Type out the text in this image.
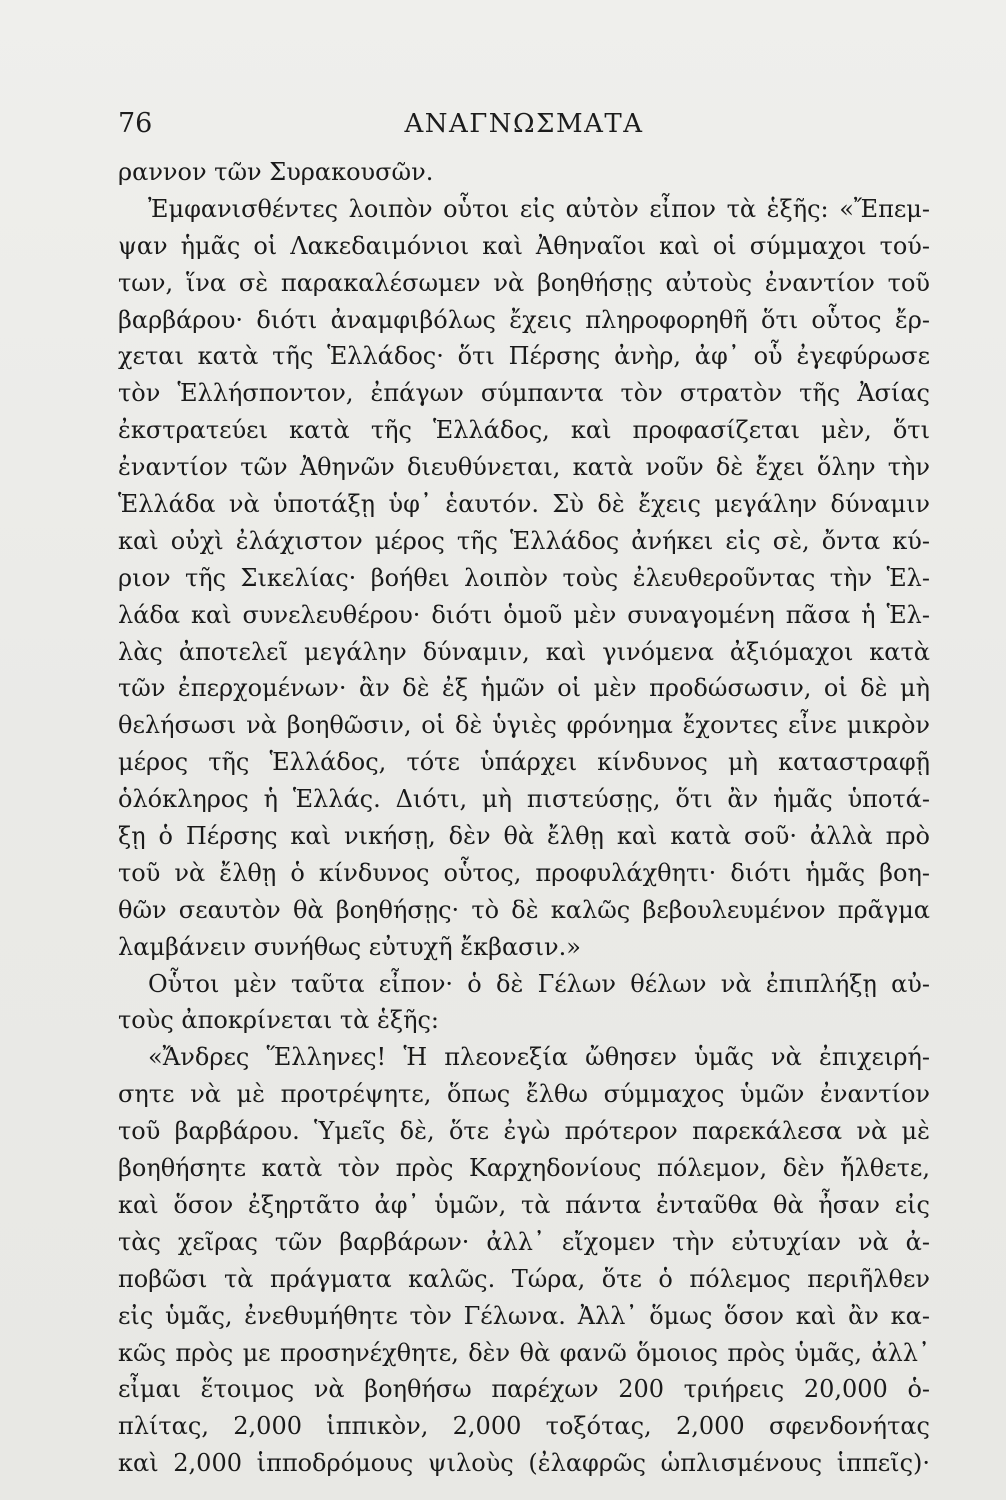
76	ΑΝΑΓΝΩΣΜΑΤΑ
ραννον τῶν Συρακουσῶν.
Ἐμφανισθέντες λοιπὸν οὗτοι εἰς αὐτὸν εἶπον τὰ ἑξῆς: «Ἔπεμ-
ψαν ἡμᾶς οἱ Λακεδαιμόνιοι καὶ Ἀθηναῖοι καὶ οἱ σύμμαχοι τού-
των, ἵνα σὲ παρακαλέσωμεν νὰ βοηθήσῃς αὐτοὺς ἐναντίον τοῦ
βαρβάρου· διότι ἀναμφιβόλως ἔχεις πληροφορηθῆ ὅτι οὗτος ἔρ-
χεται κατὰ τῆς Ἑλλάδος· ὅτι Πέρσης ἀνὴρ, ἀφ᾽ οὗ ἐγεφύρωσε
τὸν Ἑλλήσποντον, ἐπάγων σύμπαντα τὸν στρατὸν τῆς Ἀσίας
ἐκστρατεύει κατὰ τῆς Ἑλλάδος, καὶ προφασίζεται μὲν, ὅτι
ἐναντίον τῶν Ἀθηνῶν διευθύνεται, κατὰ νοῦν δὲ ἔχει ὅλην τὴν
Ἑλλάδα νὰ ὑποτάξῃ ὑφ᾽ ἑαυτόν. Σὺ δὲ ἔχεις μεγάλην δύναμιν
καὶ οὐχὶ ἐλάχιστον μέρος τῆς Ἑλλάδος ἀνήκει εἰς σὲ, ὄντα κύ-
ριον τῆς Σικελίας· βοήθει λοιπὸν τοὺς ἐλευθεροῦντας τὴν Ἑλ-
λάδα καὶ συνελευθέρου· διότι ὁμοῦ μὲν συναγομένη πᾶσα ἡ Ἑλ-
λὰς ἀποτελεῖ μεγάλην δύναμιν, καὶ γινόμενα ἀξιόμαχοι κατὰ
τῶν ἐπερχομένων· ἂν δὲ ἐξ ἡμῶν οἱ μὲν προδώσωσιν, οἱ δὲ μὴ
θελήσωσι νὰ βοηθῶσιν, οἱ δὲ ὑγιὲς φρόνημα ἔχοντες εἶνε μικρὸν
μέρος τῆς Ἑλλάδος, τότε ὑπάρχει κίνδυνος μὴ καταστραφῇ
ὁλόκληρος ἡ Ἑλλάς. Διότι, μὴ πιστεύσῃς, ὅτι ἂν ἡμᾶς ὑποτά-
ξῃ ὁ Πέρσης καὶ νικήσῃ, δὲν θὰ ἔλθῃ καὶ κατὰ σοῦ· ἀλλὰ πρὸ
τοῦ νὰ ἔλθῃ ὁ κίνδυνος οὗτος, προφυλάχθητι· διότι ἡμᾶς βοη-
θῶν σεαυτὸν θὰ βοηθήσῃς· τὸ δὲ καλῶς βεβουλευμένον πρᾶγμα
λαμβάνειν συνήθως εὐτυχῆ ἔκβασιν.»
Οὗτοι μὲν ταῦτα εἶπον· ὁ δὲ Γέλων θέλων νὰ ἐπιπλήξῃ αὐ-
τοὺς ἀποκρίνεται τὰ ἑξῆς:
«Ἄνδρες Ἕλληνες! Ἡ πλεονεξία ὤθησεν ὑμᾶς νὰ ἐπιχειρή-
σητε νὰ μὲ προτρέψητε, ὅπως ἔλθω σύμμαχος ὑμῶν ἐναντίον
τοῦ βαρβάρου. Ὑμεῖς δὲ, ὅτε ἐγὼ πρότερον παρεκάλεσα νὰ μὲ
βοηθήσητε κατὰ τὸν πρὸς Καρχηδονίους πόλεμον, δὲν ἤλθετε,
καὶ ὅσον ἐξηρτᾶτο ἀφ᾽ ὑμῶν, τὰ πάντα ἐνταῦθα θὰ ἦσαν εἰς
τὰς χεῖρας τῶν βαρβάρων· ἀλλ᾽ εἴχομεν τὴν εὐτυχίαν νὰ ἀ-
ποβῶσι τὰ πράγματα καλῶς. Τώρα, ὅτε ὁ πόλεμος περιῆλθεν
εἰς ὑμᾶς, ἐνεθυμήθητε τὸν Γέλωνα. Ἀλλ᾽ ὅμως ὅσον καὶ ἂν κα-
κῶς πρὸς με προσηνέχθητε, δὲν θὰ φανῶ ὅμοιος πρὸς ὑμᾶς, ἀλλ᾽
εἶμαι ἕτοιμος νὰ βοηθήσω παρέχων 200 τριήρεις 20,000 ὁ-
πλίτας, 2,000 ἱππικὸν, 2,000 τοξότας, 2,000 σφενδονήτας
καὶ 2,000 ἱπποδρόμους ψιλοὺς (ἐλαφρῶς ὡπλισμένους ἱππεῖς)·
